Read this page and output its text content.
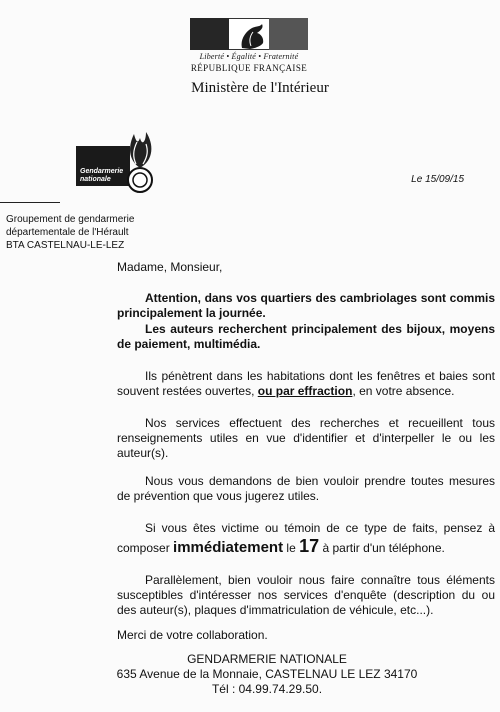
Liberté • Égalité • Fraternité
RÉPUBLIQUE FRANÇAISE
Ministère de l'Intérieur
Gendarmerie
nationale	Le 15/09/15
Groupement de gendarmerie
départementale de l'Hérault
BTA CASTELNAU-LE-LEZ

Madame, Monsieur,

Attention, dans vos quartiers des cambriolages sont commis principalement la journée.

Les auteurs recherchent principalement des bijoux, moyens de paiement, multimédia.

Ils pénètrent dans les habitations dont les fenêtres et baies sont souvent restées ouvertes, ou par effraction, en votre absence.

Nos services effectuent des recherches et recueillent tous renseignements utiles en vue d'identifier et d'interpeller le ou les auteur(s).

Nous vous demandons de bien vouloir prendre toutes mesures de prévention que vous jugerez utiles.

Si vous êtes victime ou témoin de ce type de faits, pensez à composer immédiatement le 17 à partir d'un téléphone.

Parallèlement, bien vouloir nous faire connaître tous éléments susceptibles d'intéresser nos services d'enquête (description du ou des auteur(s), plaques d'immatriculation de véhicule, etc...).

Merci de votre collaboration.

GENDARMERIE NATIONALE
635 Avenue de la Monnaie, CASTELNAU LE LEZ 34170
Tél : 04.99.74.29.50.
